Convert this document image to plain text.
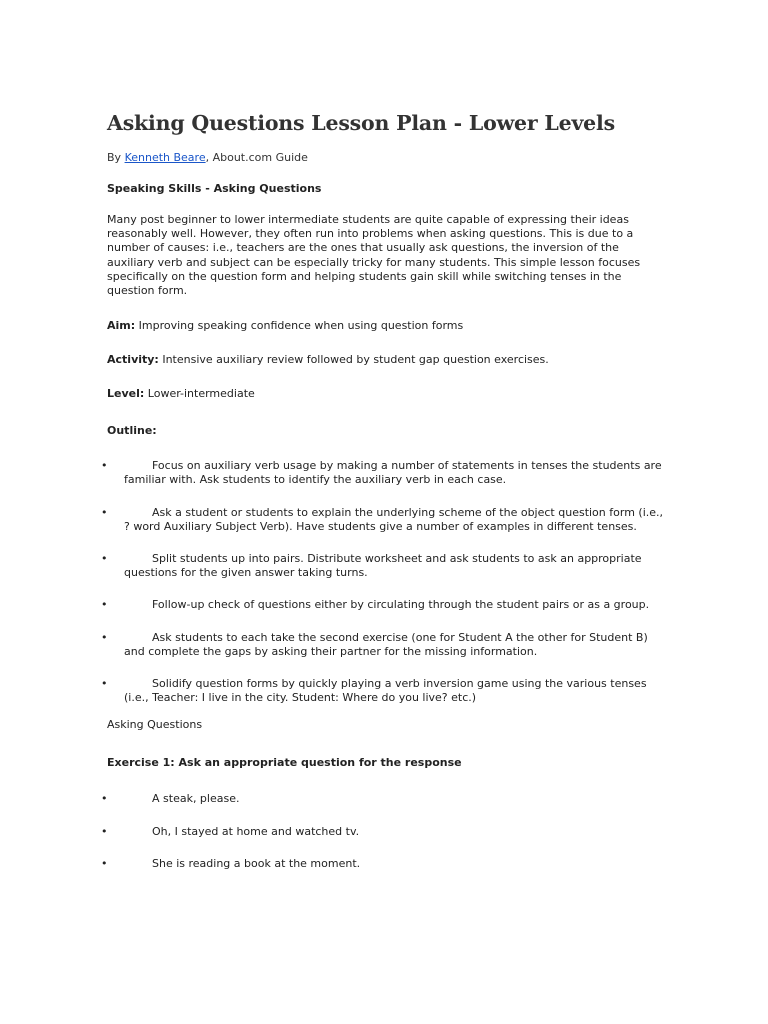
Asking Questions Lesson Plan - Lower Levels
By Kenneth Beare, About.com Guide
Speaking Skills - Asking Questions
Many post beginner to lower intermediate students are quite capable of expressing their ideas reasonably well. However, they often run into problems when asking questions. This is due to a number of causes: i.e., teachers are the ones that usually ask questions, the inversion of the auxiliary verb and subject can be especially tricky for many students. This simple lesson focuses specifically on the question form and helping students gain skill while switching tenses in the question form.
Aim: Improving speaking confidence when using question forms
Activity: Intensive auxiliary review followed by student gap question exercises.
Level: Lower-intermediate
Outline:
•	Focus on auxiliary verb usage by making a number of statements in tenses the students are familiar with. Ask students to identify the auxiliary verb in each case.
•	Ask a student or students to explain the underlying scheme of the object question form (i.e., ? word Auxiliary Subject Verb). Have students give a number of examples in different tenses.
•	Split students up into pairs. Distribute worksheet and ask students to ask an appropriate questions for the given answer taking turns.
•	Follow-up check of questions either by circulating through the student pairs or as a group.
•	Ask students to each take the second exercise (one for Student A the other for Student B) and complete the gaps by asking their partner for the missing information.
•	Solidify question forms by quickly playing a verb inversion game using the various tenses (i.e., Teacher: I live in the city. Student: Where do you live? etc.)
Asking Questions
Exercise 1: Ask an appropriate question for the response
•	A steak, please.
•	Oh, I stayed at home and watched tv.
•	She is reading a book at the moment.
